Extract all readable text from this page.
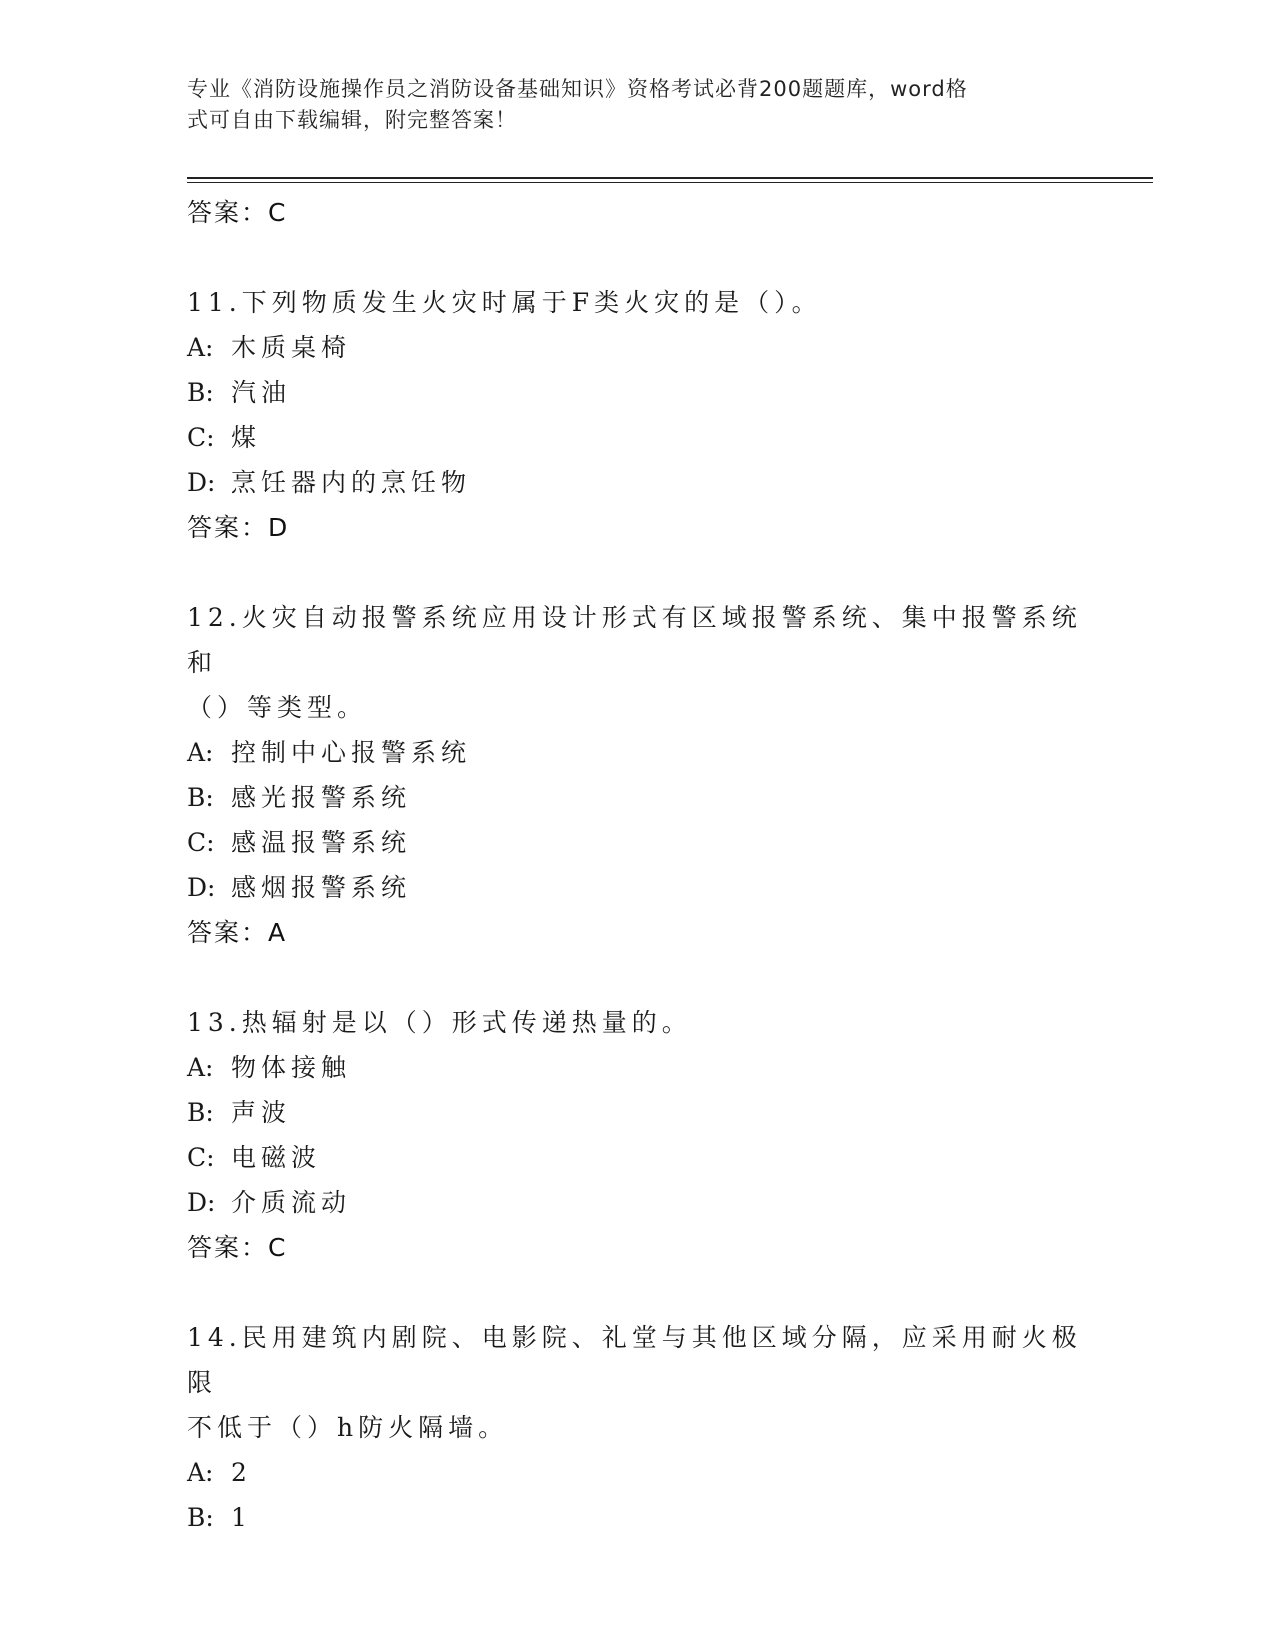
专业《消防设施操作员之消防设备基础知识》资格考试必背200题题库，word格
式可自由下载编辑，附完整答案！
答案：C
11.下列物质发生火灾时属于F类火灾的是（）。
A: 木质桌椅
B: 汽油
C: 煤
D: 烹饪器内的烹饪物
答案：D
12.火灾自动报警系统应用设计形式有区域报警系统、集中报警系统和
（）等类型。
A: 控制中心报警系统
B: 感光报警系统
C: 感温报警系统
D: 感烟报警系统
答案：A
13.热辐射是以（）形式传递热量的。
A: 物体接触
B: 声波
C: 电磁波
D: 介质流动
答案：C
14.民用建筑内剧院、电影院、礼堂与其他区域分隔，应采用耐火极限
不低于（）h防火隔墙。
A: 2
B: 1
